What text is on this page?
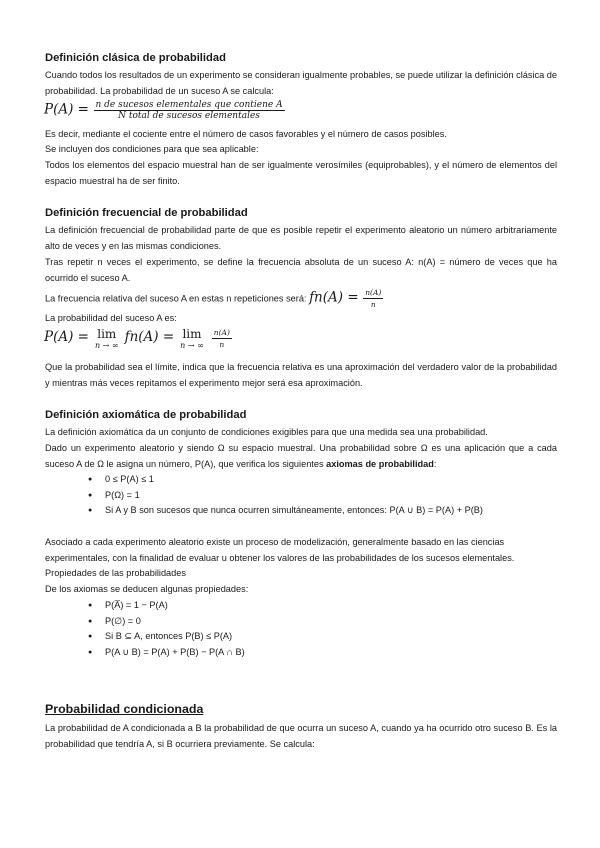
Definición clásica de probabilidad

Cuando todos los resultados de un experimento se consideran igualmente probables, se puede utilizar la definición clásica de probabilidad. La probabilidad de un suceso A se calcula:

$P(A) = \frac{\text{n de sucesos elementales que contiene A}}{\text{N total de sucesos elementales}}$

Es decir, mediante el cociente entre el número de casos favorables y el número de casos posibles.

Se incluyen dos condiciones para que sea aplicable:

Todos los elementos del espacio muestral han de ser igualmente verosímiles (equiprobables), y el número de elementos del espacio muestral ha de ser finito.

Definición frecuencial de probabilidad

La definición frecuencial de probabilidad parte de que es posible repetir el experimento aleatorio un número arbitrariamente alto de veces y en las mismas condiciones.

Tras repetir n veces el experimento, se define la frecuencia absoluta de un suceso A: n(A) = número de veces que ha ocurrido el suceso A.

La frecuencia relativa del suceso A en estas n repeticiones será: $fn(A) = \frac{n(A)}{n}$

La probabilidad del suceso A es:

P(A) = lim
n → ∞
fn(A) = lim
n → ∞ $\frac{n(A)}{n}$

Que la probabilidad sea el límite, indica que la frecuencia relativa es una aproximación del verdadero valor de la probabilidad y mientras más veces repitamos el experimento mejor será esa aproximación.

Definición axiomática de probabilidad

La definición axiomática da un conjunto de condiciones exigibles para que una medida sea una probabilidad.

Dado un experimento aleatorio y siendo Ω su espacio muestral. Una probabilidad sobre Ω es una aplicación que a cada suceso A de Ω le asigna un número, P(A), que verifica los siguientes axiomas de probabilidad:

● 0 ≤ P(A) ≤ 1
● P(Ω) = 1
● Si A y B son sucesos que nunca ocurren simultáneamente, entonces: P(A ∪ B) = P(A) + P(B)

Asociado a cada experimento aleatorio existe un proceso de modelización, generalmente basado en las ciencias experimentales, con la finalidad de evaluar u obtener los valores de las probabilidades de los sucesos elementales.

Propiedades de las probabilidades

De los axiomas se deducen algunas propiedades:

● P(A̅) = 1 − P(A)
● P(∅) = 0
● Si B ⊆ A, entonces P(B) ≤ P(A)
● P(A ∪ B) = P(A) + P(B) − P(A ∩ B)
Probabilidad condicionada

La probabilidad de A condicionada a B la probabilidad de que ocurra un suceso A, cuando ya ha ocurrido otro suceso B. Es la probabilidad que tendría A, si B ocurriera previamente. Se calcula:
